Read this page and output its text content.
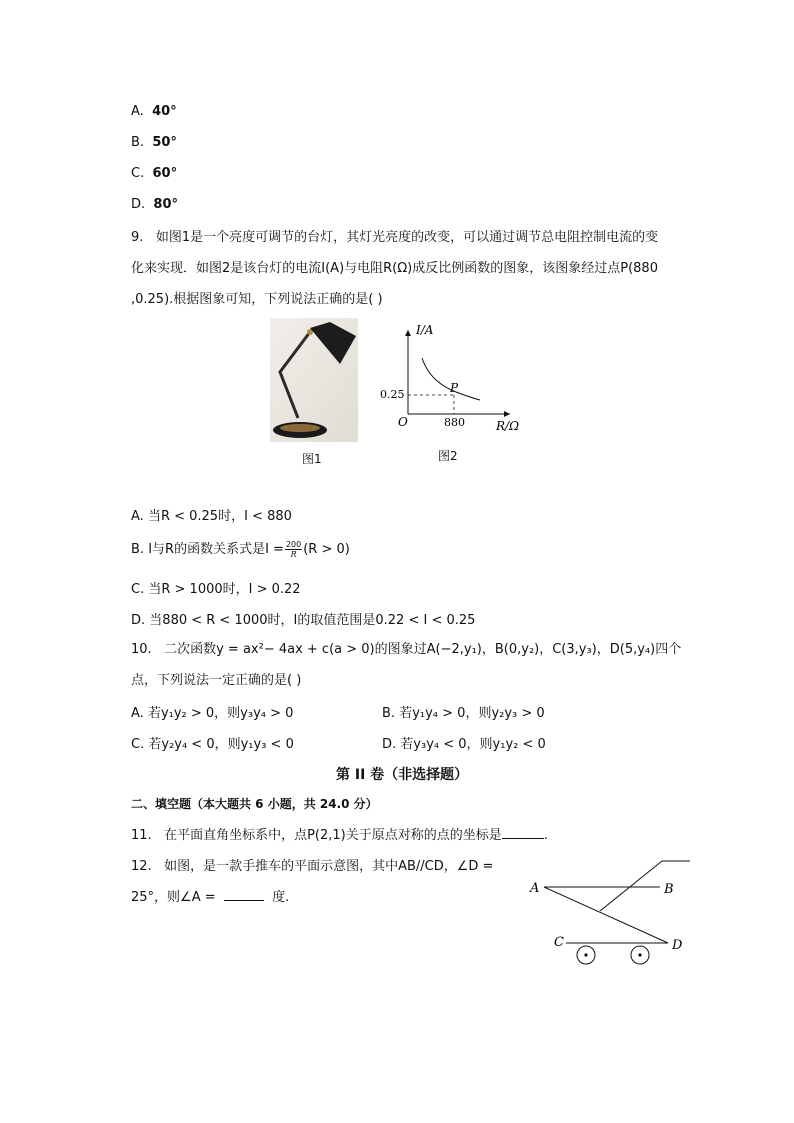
A. 40°
B. 50°
C. 60°
D. 80°
9. 如图1是一个亮度可调节的台灯，其灯光亮度的改变，可以通过调节总电阻控制电流的变
化来实现．如图2是该台灯的电流I(A)与电阻R(Ω)成反比例函数的图象，该图象经过点P(880
,0.25).根据图象可知，下列说法正确的是( )
图1
I/A
0.25	P
O	880	R/Ω
图2
A. 当R < 0.25时，I < 880
B. I与R的函数关系式是$I = \frac{200}{R} (R > 0)$
C. 当R > 1000时，I > 0.22
D. 当880 < R < 1000时，I的取值范围是0.22 < I < 0.25
10. 二次函数y = ax²− 4ax + c(a > 0)的图象过A(−2,y₁)，B(0,y₂)，C(3,y₃)，D(5,y₄)四个
点，下列说法一定正确的是( )
A. 若y₁y₂ > 0，则y₃y₄ > 0	B. 若y₁y₄ > 0，则y₂y₃ > 0
C. 若y₂y₄ < 0，则y₁y₃ < 0	D. 若y₃y₄ < 0，则y₁y₂ < 0
第 II 卷（非选择题）
二、填空题（本大题共 6 小题，共 24.0 分）
11. 在平面直角坐标系中，点P(2,1)关于原点对称的点的坐标是	.
12. 如图，是一款手推车的平面示意图，其中AB//CD，∠D =
25°，则∠A =	度.
A	B
C	D
